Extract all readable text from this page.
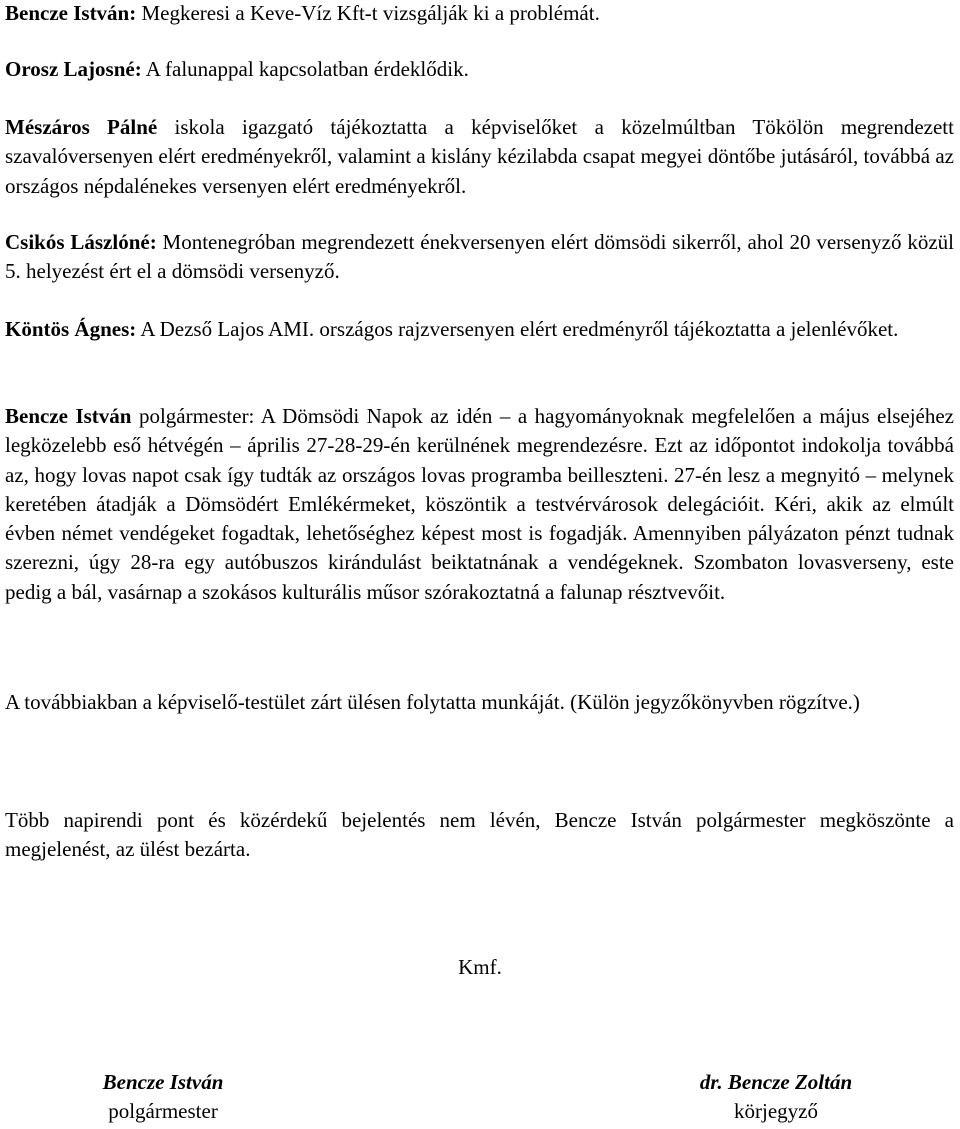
Bencze István: Megkeresi a Keve-Víz Kft-t vizsgálják ki a problémát.

Orosz Lajosné: A falunappal kapcsolatban érdeklődik.

Mészáros Pálné iskola igazgató tájékoztatta a képviselőket a közelmúltban Tökölön megrendezett szavalóversenyen elért eredményekről, valamint a kislány kézilabda csapat megyei döntőbe jutásáról, továbbá az országos népdalénekes versenyen elért eredményekről.

Csikós Lászlóné: Montenegróban megrendezett énekversenyen elért dömsödi sikerről, ahol 20 versenyző közül 5. helyezést ért el a dömsödi versenyző.

Köntös Ágnes: A Dezső Lajos AMI. országos rajzversenyen elért eredményről tájékoztatta a jelenlévőket.

Bencze István polgármester: A Dömsödi Napok az idén – a hagyományoknak megfelelően a május elsejéhez legközelebb eső hétvégén – április 27-28-29-én kerülnének megrendezésre. Ezt az időpontot indokolja továbbá az, hogy lovas napot csak így tudták az országos lovas programba beilleszteni. 27-én lesz a megnyitó – melynek keretében átadják a Dömsödért Emlékérmeket, köszöntik a testvérvárosok delegációit. Kéri, akik az elmúlt évben német vendégeket fogadtak, lehetőséghez képest most is fogadják. Amennyiben pályázaton pénzt tudnak szerezni, úgy 28-ra egy autóbuszos kirándulást beiktatnának a vendégeknek. Szombaton lovasverseny, este pedig a bál, vasárnap a szokásos kulturális műsor szórakoztatná a falunap résztvevőit.

A továbbiakban a képviselő-testület zárt ülésen folytatta munkáját. (Külön jegyzőkönyvben rögzítve.)

Több napirendi pont és közérdekű bejelentés nem lévén, Bencze István polgármester megköszönte a megjelenést, az ülést bezárta.

Kmf.
Bencze István
polgármester
dr. Bencze Zoltán
körjegyző
